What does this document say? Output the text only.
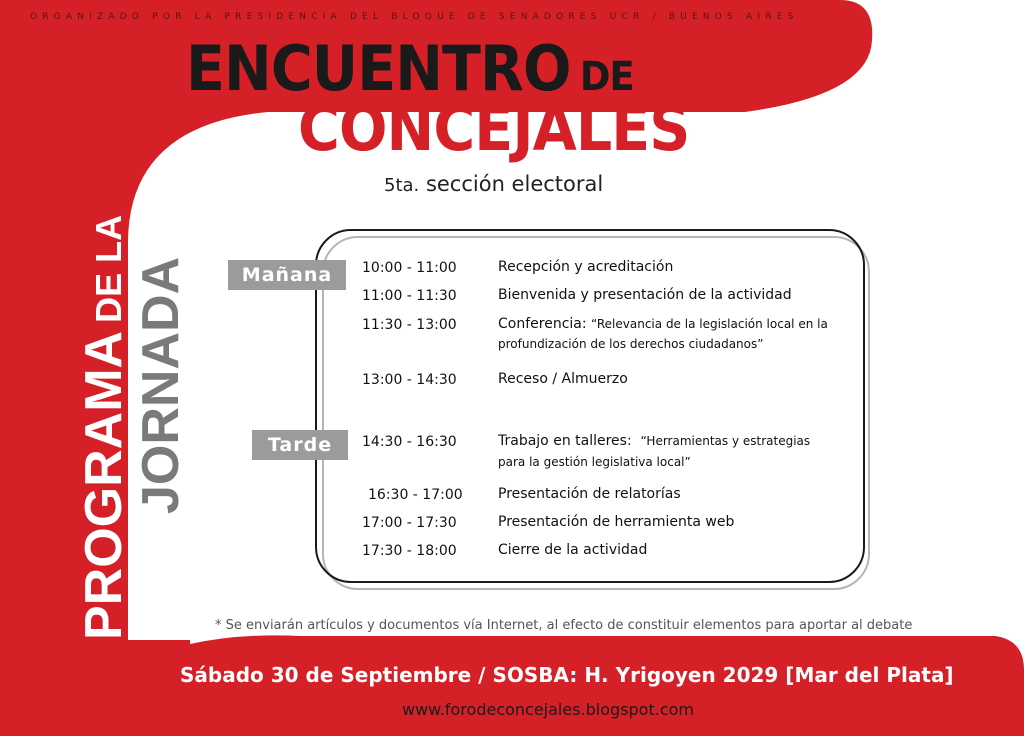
ORGANIZADO POR LA PRESIDENCIA DEL BLOQUE DE SENADORES UCR / BUENOS AIRES
ENCUENTRO DE
CONCEJALES
5ta. sección electoral
PROGRAMADE LA JORNADA	Mañana
Tarde
10:00 - 11:00	Recepción y acreditación
11:00 - 11:30	Bienvenida y presentación de la actividad
11:30 - 13:00	Conferencia: “Relevancia de la legislación local en la
profundización de los derechos ciudadanos”
13:00 - 14:30	Receso / Almuerzo
14:30 - 16:30	Trabajo en talleres: “Herramientas y estrategias
para la gestión legislativa local”
16:30 - 17:00	Presentación de relatorías
17:00 - 17:30	Presentación de herramienta web
17:30 - 18:00	Cierre de la actividad
* Se enviarán artículos y documentos vía Internet, al efecto de constituir elementos para aportar al debate
Sábado 30 de Septiembre / SOSBA: H. Yrigoyen 2029 [Mar del Plata]
www.forodeconcejales.blogspot.com
